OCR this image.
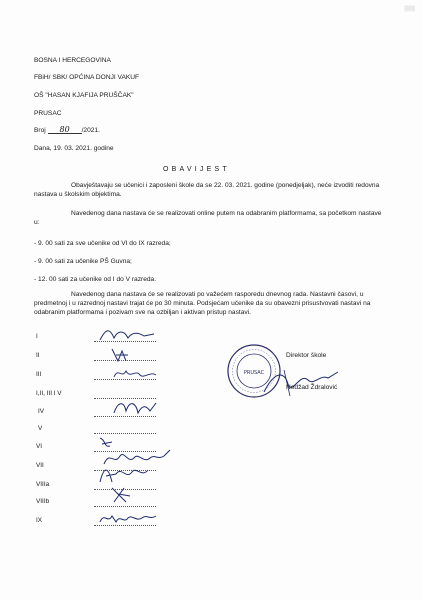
▒▒▒
BOSNA I HERCEGOVINA
FBiH/ SBK/ OPĆINA DONJI VAKUF
OŠ "HASAN KJAFIJA PRUŠČAK"
PRUSAC
Broj 80 /2021.
Dana, 19. 03. 2021. godine
OBAVIJEST
Obavještavaju se učenici i zaposleni škole da se 22. 03. 2021. godine (ponedjeljak), neće izvoditi redovna nastava u školskim objektima.
Navedenog dana nastava će se realizovati online putem na odabranim platformama, sa početkom nastave u:
- 9. 00 sati za sve učenike od VI do IX razreda;
- 9. 00 sati za učenike PŠ Guvna;
- 12. 00 sati za učenike od I do V razreda.
Navedenog dana nastava će se realizovati po važećem rasporedu dnevnog rada. Nastavni časovi, u predmetnoj i u razrednoj nastavi trajat će po 30 minuta. Podsjećam učenike da su obavezni prisustvovati nastavi na odabranim platformama i pozivam sve na ozbiljan i aktivan pristup nastavi.
I
II
III
I,II, III I V
IV
V
VI
VII
VIIIa
VIIIb
IX
PRUSAC
Direktor škole
Nedžad Ždralović
